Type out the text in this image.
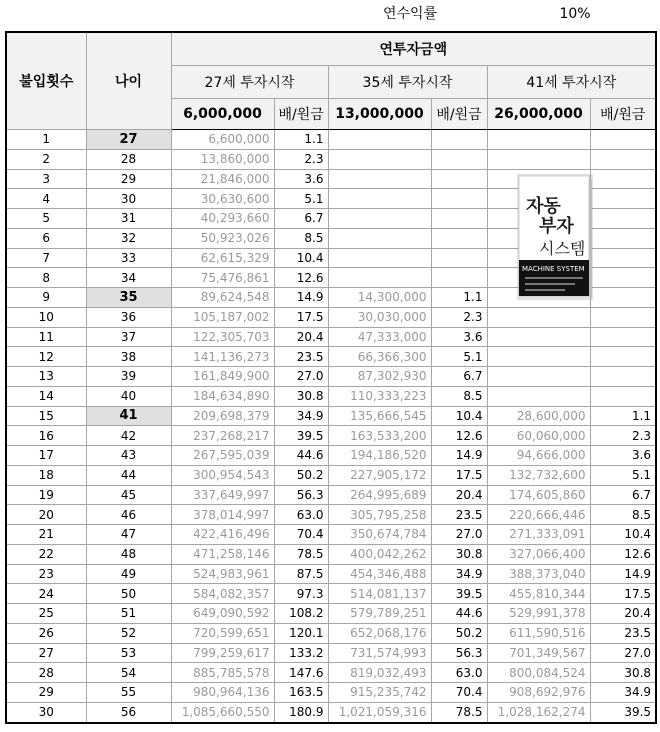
연수익률	10%
불입횟수	나이	연투자금액					
		27세 투자시작		35세 투자시작		41세 투자시작	
		6,000,000	배/원금	13,000,000	배/원금	26,000,000	배/원금
1	27	6,600,000	1.1				
2	28	13,860,000	2.3				
3	29	21,846,000	3.6				
4	30	30,630,600	5.1				
5	31	40,293,660	6.7				
6	32	50,923,026	8.5				
7	33	62,615,329	10.4				
8	34	75,476,861	12.6				
9	35	89,624,548	14.9	14,300,000	1.1		
10	36	105,187,002	17.5	30,030,000	2.3		
11	37	122,305,703	20.4	47,333,000	3.6		
12	38	141,136,273	23.5	66,366,300	5.1		
13	39	161,849,900	27.0	87,302,930	6.7		
14	40	184,634,890	30.8	110,333,223	8.5		
15	41	209,698,379	34.9	135,666,545	10.4	28,600,000	1.1
16	42	237,268,217	39.5	163,533,200	12.6	60,060,000	2.3
17	43	267,595,039	44.6	194,186,520	14.9	94,666,000	3.6
18	44	300,954,543	50.2	227,905,172	17.5	132,732,600	5.1
19	45	337,649,997	56.3	264,995,689	20.4	174,605,860	6.7
20	46	378,014,997	63.0	305,795,258	23.5	220,666,446	8.5
21	47	422,416,496	70.4	350,674,784	27.0	271,333,091	10.4
22	48	471,258,146	78.5	400,042,262	30.8	327,066,400	12.6
23	49	524,983,961	87.5	454,346,488	34.9	388,373,040	14.9
24	50	584,082,357	97.3	514,081,137	39.5	455,810,344	17.5
25	51	649,090,592	108.2	579,789,251	44.6	529,991,378	20.4
26	52	720,599,651	120.1	652,068,176	50.2	611,590,516	23.5
27	53	799,259,617	133.2	731,574,993	56.3	701,349,567	27.0
28	54	885,785,578	147.6	819,032,493	63.0	800,084,524	30.8
29	55	980,964,136	163.5	915,235,742	70.4	908,692,976	34.9
30	56	1,085,660,550	180.9	1,021,059,316	78.5	1,028,162,274	39.5
자동
부자
시스템
MACHINE SYSTEM
